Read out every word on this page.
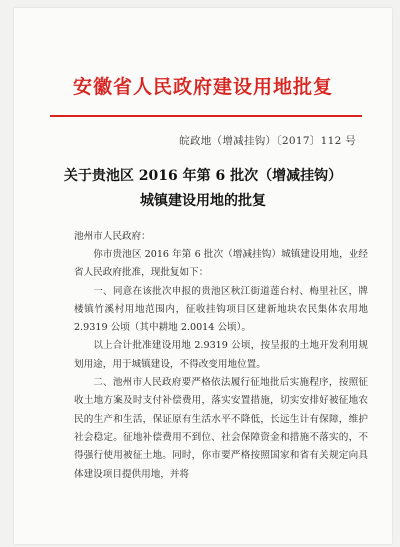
安徽省人民政府建设用地批复
皖政地（增减挂钩）〔2017〕112 号
关于贵池区 2016 年第 6 批次（增减挂钩）
城镇建设用地的批复
池州市人民政府：

你市贵池区 2016 年第 6 批次（增减挂钩）城镇建设用地，业经省人民政府批准，现批复如下：

一、同意在该批次申报的贵池区秋江街道莲台村、梅里社区，牌楼镇竹溪村用地范围内，征收挂钩项目区建新地块农民集体农用地 2.9319 公顷（其中耕地 2.0014 公顷）。

以上合计批准建设用地 2.9319 公顷，按呈报的土地开发利用规划用途，用于城镇建设，不得改变用地位置。

二、池州市人民政府要严格依法履行征地批后实施程序，按照征收土地方案及时支付补偿费用，落实安置措施，切实安排好被征地农民的生产和生活，保证原有生活水平不降低，长远生计有保障，维护社会稳定。征地补偿费用不到位、社会保障资金和措施不落实的，不得强行使用被征土地。同时，你市要严格按照国家和省有关规定向具体建设项目提供用地，并将
